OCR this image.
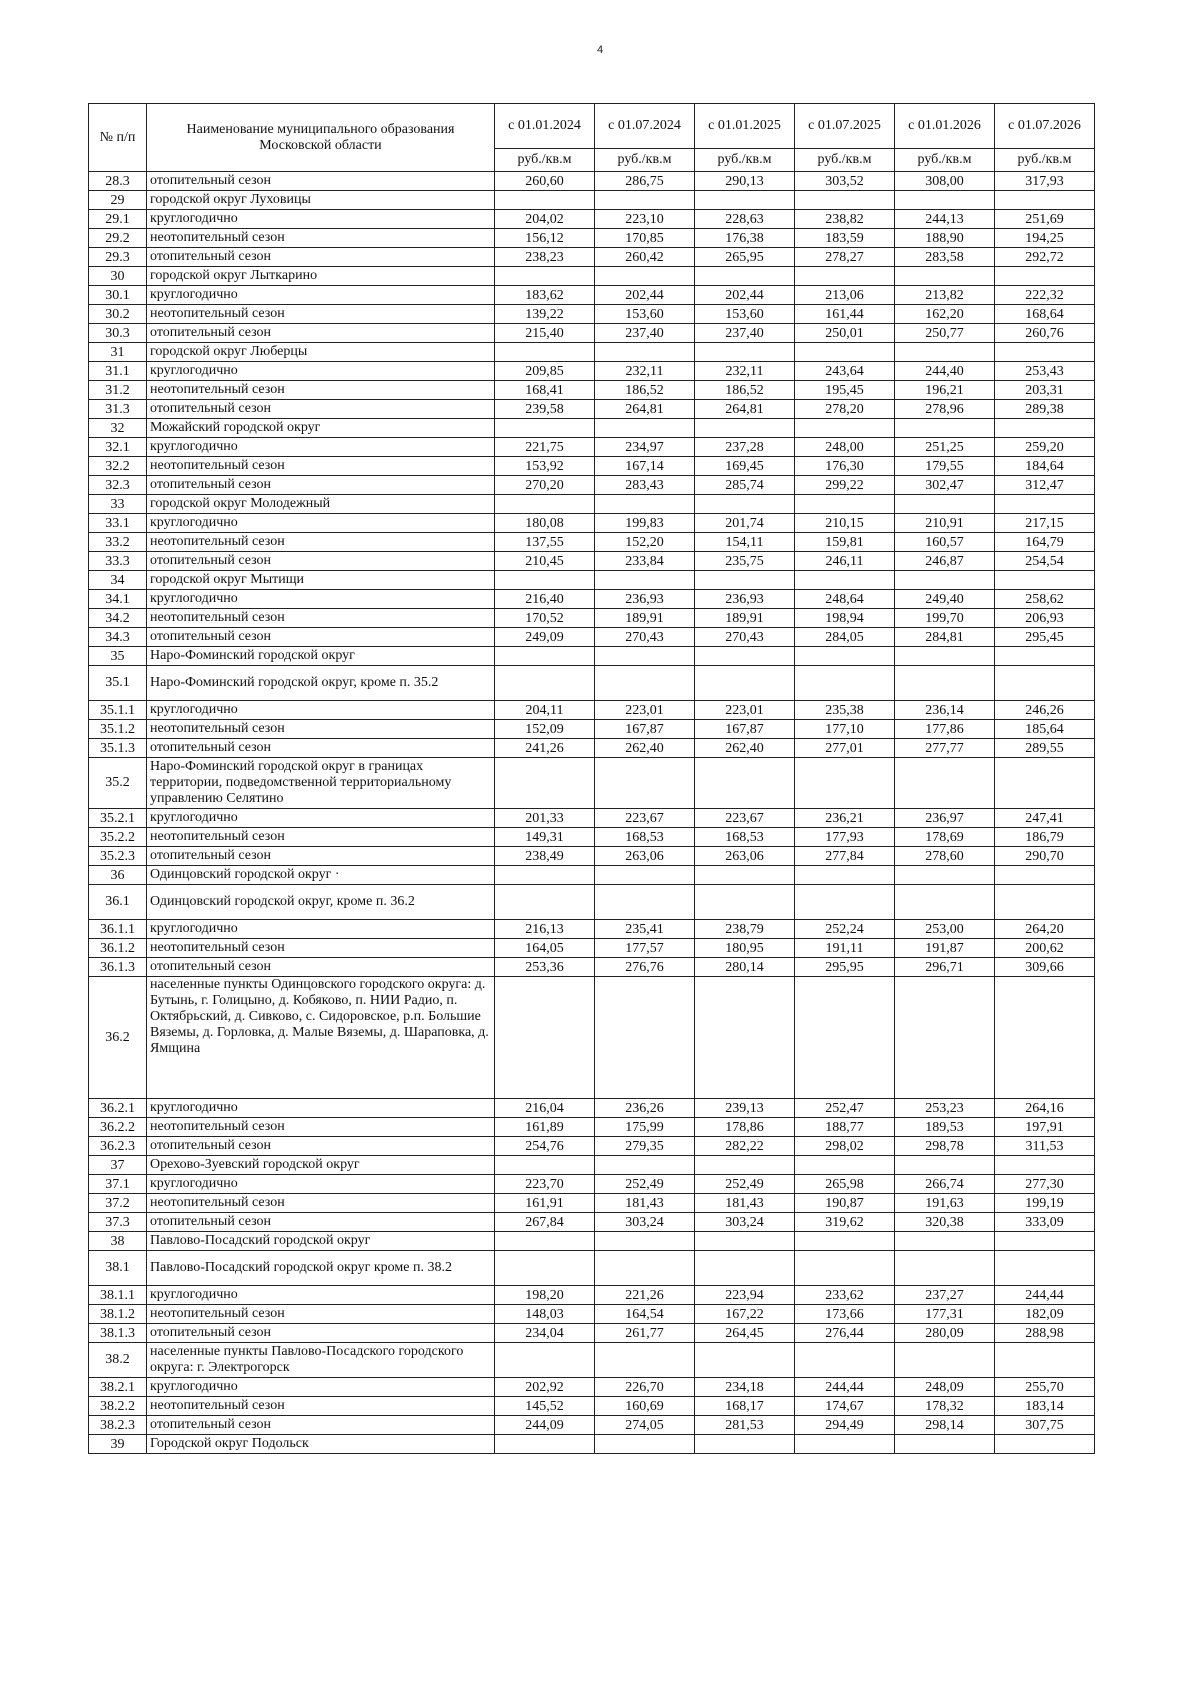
4
№ п/п	Наименование муниципального образования Московской области	с 01.01.2024	с 01.07.2024	с 01.01.2025	с 01.07.2025	с 01.01.2026	с 01.07.2026
		руб./кв.м	руб./кв.м	руб./кв.м	руб./кв.м	руб./кв.м	руб./кв.м
28.3	отопительный сезон	260,60	286,75	290,13	303,52	308,00	317,93
29	городской округ Луховицы						
29.1	круглогодично	204,02	223,10	228,63	238,82	244,13	251,69
29.2	неотопительный сезон	156,12	170,85	176,38	183,59	188,90	194,25
29.3	отопительный сезон	238,23	260,42	265,95	278,27	283,58	292,72
30	городской округ Лыткарино						
30.1	круглогодично	183,62	202,44	202,44	213,06	213,82	222,32
30.2	неотопительный сезон	139,22	153,60	153,60	161,44	162,20	168,64
30.3	отопительный сезон	215,40	237,40	237,40	250,01	250,77	260,76
31	городской округ Люберцы						
31.1	круглогодично	209,85	232,11	232,11	243,64	244,40	253,43
31.2	неотопительный сезон	168,41	186,52	186,52	195,45	196,21	203,31
31.3	отопительный сезон	239,58	264,81	264,81	278,20	278,96	289,38
32	Можайский городской округ						
32.1	круглогодично	221,75	234,97	237,28	248,00	251,25	259,20
32.2	неотопительный сезон	153,92	167,14	169,45	176,30	179,55	184,64
32.3	отопительный сезон	270,20	283,43	285,74	299,22	302,47	312,47
33	городской округ Молодежный						
33.1	круглогодично	180,08	199,83	201,74	210,15	210,91	217,15
33.2	неотопительный сезон	137,55	152,20	154,11	159,81	160,57	164,79
33.3	отопительный сезон	210,45	233,84	235,75	246,11	246,87	254,54
34	городской округ Мытищи						
34.1	круглогодично	216,40	236,93	236,93	248,64	249,40	258,62
34.2	неотопительный сезон	170,52	189,91	189,91	198,94	199,70	206,93
34.3	отопительный сезон	249,09	270,43	270,43	284,05	284,81	295,45
35	Наро-Фоминский городской округ						
35.1	Наро-Фоминский городской округ, кроме п. 35.2						
35.1.1	круглогодично	204,11	223,01	223,01	235,38	236,14	246,26
35.1.2	неотопительный сезон	152,09	167,87	167,87	177,10	177,86	185,64
35.1.3	отопительный сезон	241,26	262,40	262,40	277,01	277,77	289,55
35.2	Наро-Фоминский городской округ в границах территории, подведомственной территориальному управлению Селятино						
35.2.1	круглогодично	201,33	223,67	223,67	236,21	236,97	247,41
35.2.2	неотопительный сезон	149,31	168,53	168,53	177,93	178,69	186,79
35.2.3	отопительный сезон	238,49	263,06	263,06	277,84	278,60	290,70
36	Одинцовский городской округ ·						
36.1	Одинцовский городской округ, кроме п. 36.2						
36.1.1	круглогодично	216,13	235,41	238,79	252,24	253,00	264,20
36.1.2	неотопительный сезон	164,05	177,57	180,95	191,11	191,87	200,62
36.1.3	отопительный сезон	253,36	276,76	280,14	295,95	296,71	309,66
36.2	населенные пункты Одинцовского городского округа: д. Бутынь, г. Голицыно, д. Кобяково, п. НИИ Радио, п. Октябрьский, д. Сивково, с. Сидоровское, р.п. Большие Вяземы, д. Горловка, д. Малые Вяземы, д. Шараповка, д. Ямщина						
36.2.1	круглогодично	216,04	236,26	239,13	252,47	253,23	264,16
36.2.2	неотопительный сезон	161,89	175,99	178,86	188,77	189,53	197,91
36.2.3	отопительный сезон	254,76	279,35	282,22	298,02	298,78	311,53
37	Орехово-Зуевский городской округ						
37.1	круглогодично	223,70	252,49	252,49	265,98	266,74	277,30
37.2	неотопительный сезон	161,91	181,43	181,43	190,87	191,63	199,19
37.3	отопительный сезон	267,84	303,24	303,24	319,62	320,38	333,09
38	Павлово-Посадский городской округ						
38.1	Павлово-Посадский городской округ кроме п. 38.2						
38.1.1	круглогодично	198,20	221,26	223,94	233,62	237,27	244,44
38.1.2	неотопительный сезон	148,03	164,54	167,22	173,66	177,31	182,09
38.1.3	отопительный сезон	234,04	261,77	264,45	276,44	280,09	288,98
38.2	населенные пункты Павлово-Посадского городского округа: г. Электрогорск						
38.2.1	круглогодично	202,92	226,70	234,18	244,44	248,09	255,70
38.2.2	неотопительный сезон	145,52	160,69	168,17	174,67	178,32	183,14
38.2.3	отопительный сезон	244,09	274,05	281,53	294,49	298,14	307,75
39	Городской округ Подольск						
